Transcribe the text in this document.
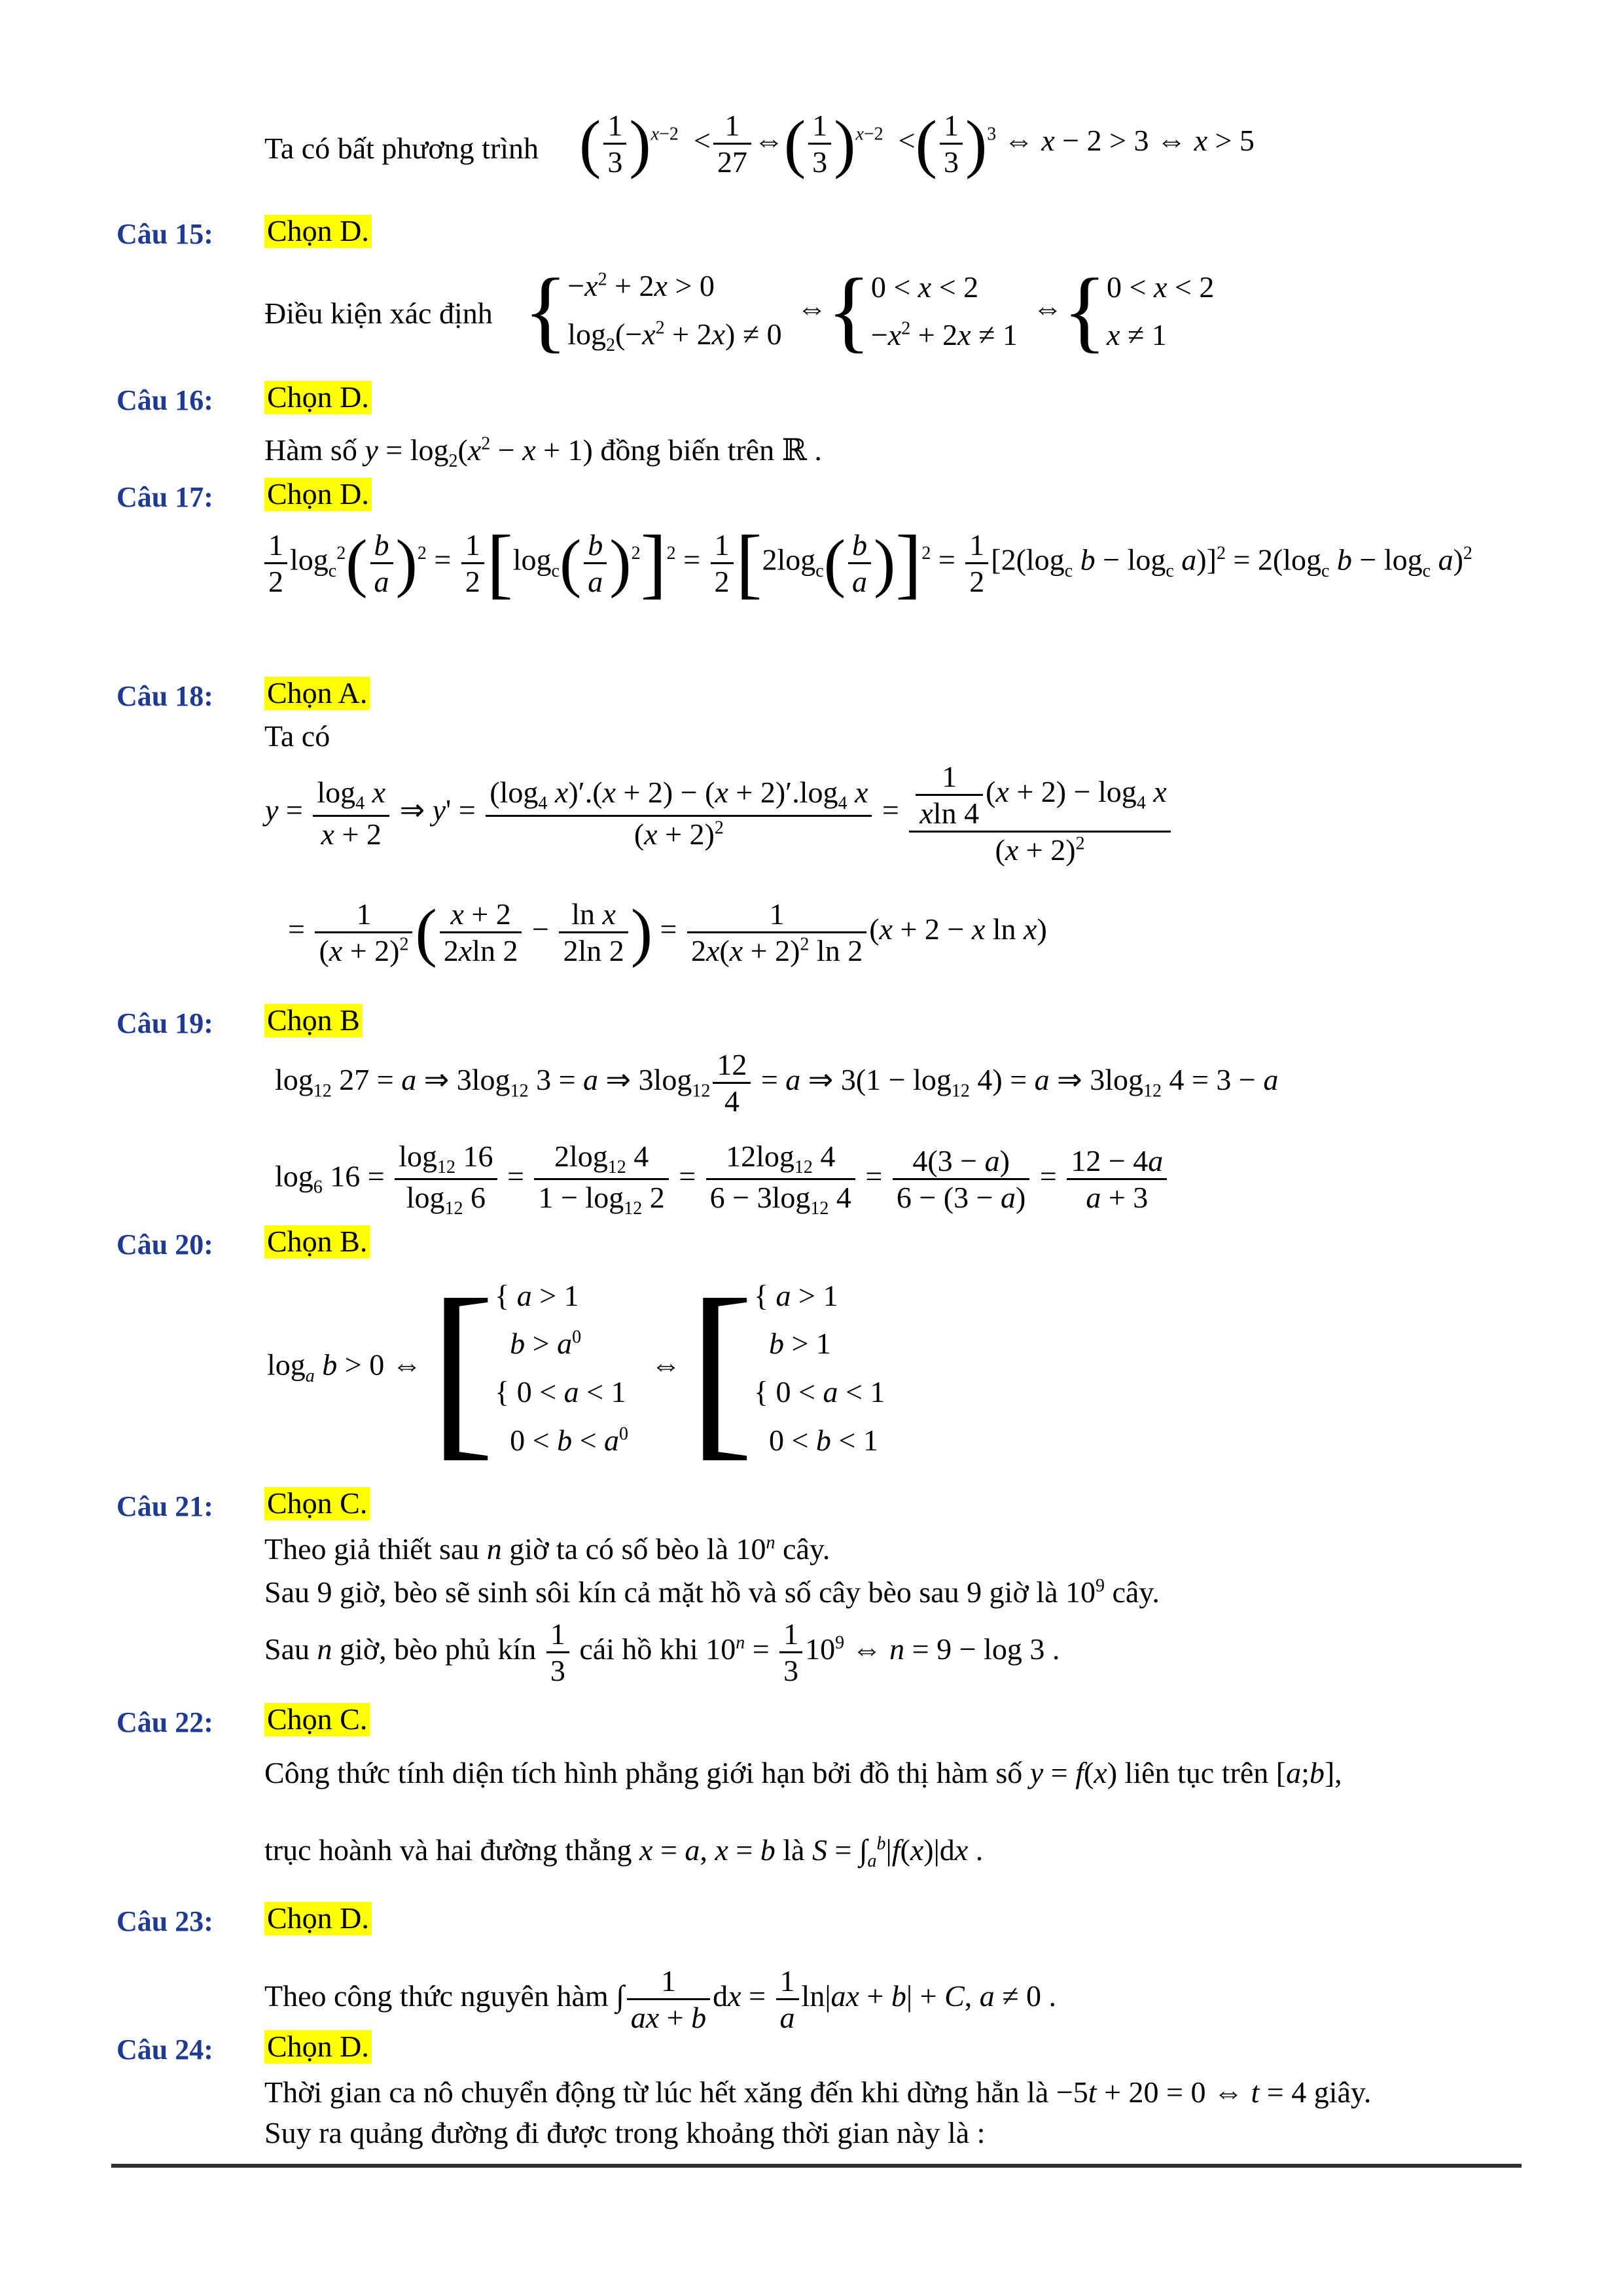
Ta có bất phương trình ( $\frac{1}{3} )^{x-2} < \frac{1}{27}$ ⇔( $\frac{1}{3} )^{x-2}$  <( $\frac{1}{3} )^3$ ⇔ x − 2 > 3 ⇔ x > 5
Câu 15: Chọn D.
Điều kiện xác định { $-x^2 + 2x > 0$
$\log_2(-x^2 + 2x) \ne 0$
⇔{ 0 < x < 2
$-x^2 + 2x \ne 1$
⇔{ 0 < x < 2
x ≠ 1
Câu 16: Chọn D.
Hàm số $y = \log_2(x^2 - x + 1)$ đồng biến trên ℝ .
Câu 17: Chọn D.
$\frac{1}{2} \log_c^2( \frac{b}{a} )^2 = \frac{1}{2} [\log_c( \frac{b}{a} )^2]^2 = \frac{1}{2} [2\log_c( \frac{b}{a} )]^2 = \frac{1}{2} [2(\log_c$ $b - \log_c a)]^2 = 2(\log_c$ $b - \log_c a)^2$
Câu 18: Chọn A.
Ta có
$y = \frac{\log_4 x}{x + 2}$ ⇒ $y' = \frac{(\log_4 x)'.(x + 2) - (x + 2)'.\log_4 x}{(x + 2)^2} = \frac{\frac{1}{xln 4} (x + 2) - \log_4 x}{(x + 2)^2}$
= $\frac{1}{(x + 2)^2}$ ( $\frac{x + 2}{2xln 2} - \frac{\text{ln x}}{2\ln 2}$ ) = $\frac{1}{2x(x + 2)^2 \ln 2} (x + 2 - x$ ln x)
Câu 19: Chọn B
$\log_{12} 27 = a$ ⇒ $3\log_{12}$ 3 = a ⇒ $3\log_{12} \frac{12}{4} = a$ ⇒ $3(1 - \log_{12} 4) = a$ ⇒ $3\log_{12}$ 4 = 3 − a
$\log_6 16 = \frac{\log_{12} 16}{\log_{12} 6} = \frac{2\log_{12} 4}{1 - \log_{12} 2} = \frac{12\log_{12} 4}{6 - 3\log_{12} 4} = \frac{4(3 - a)}{6 - (3 - a)} = \frac{12 - 4a}{a + 3}$
Câu 20: Chọn B.
$\log_a b > 0$ ⇔ [ { a > 1
$b > a^0$
{ 0 < a < 1
$0 < b < a^0$
⇔ [ { a > 1
b > 1
{ 0 < a < 1
0 < b < 1
Câu 21: Chọn C.
Theo giả thiết sau n giờ ta có số bèo là 10$^n$ cây.
Sau 9 giờ, bèo sẽ sinh sôi kín cả mặt hồ và số cây bèo sau 9 giờ là $10^9$ cây.
Sau n giờ, bèo phủ kín $\frac{1}{3}$ cái hồ khi $10^n = \frac{1}{3} 10^9$ ⇔ n = 9 − log 3 .
Câu 22: Chọn C.
Công thức tính diện tích hình phẳng giới hạn bởi đồ thị hàm số y = f(x) liên tục trên [a;b],
trục hoành và hai đường thẳng x = a, x = b là $S = \int_a^b|f(x)|dx$ .
Câu 23: Chọn D.
Theo công thức nguyên hàm ∫ $\frac{1}{ax + b}$ dx = $\frac{1}{a} \ln|ax + b| + C$, a ≠ 0 .
Câu 24: Chọn D.
Thời gian ca nô chuyển động từ lúc hết xăng đến khi dừng hẳn là −5t + 20 = 0 ⇔ t = 4 giây.
Suy ra quảng đường đi được trong khoảng thời gian này là :
